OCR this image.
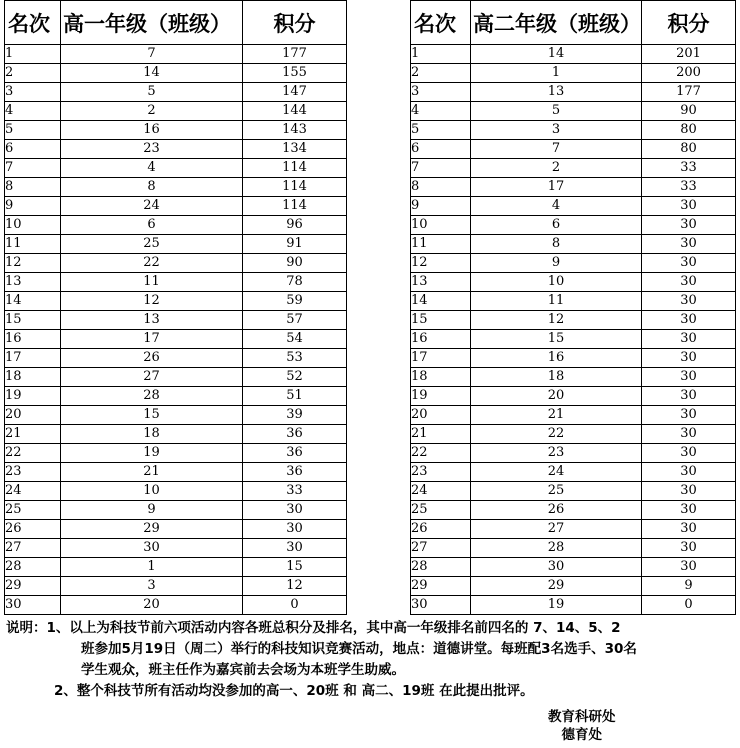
名次	高一年级（班级）	积分
1	7	177
2	14	155
3	5	147
4	2	144
5	16	143
6	23	134
7	4	114
8	8	114
9	24	114
10	6	96
11	25	91
12	22	90
13	11	78
14	12	59
15	13	57
16	17	54
17	26	53
18	27	52
19	28	51
20	15	39
21	18	36
22	19	36
23	21	36
24	10	33
25	9	30
26	29	30
27	30	30
28	1	15
29	3	12
30	20	0
名次	高二年级（班级）	积分
1	14	201
2	1	200
3	13	177
4	5	90
5	3	80
6	7	80
7	2	33
8	17	33
9	4	30
10	6	30
11	8	30
12	9	30
13	10	30
14	11	30
15	12	30
16	15	30
17	16	30
18	18	30
19	20	30
20	21	30
21	22	30
22	23	30
23	24	30
24	25	30
25	26	30
26	27	30
27	28	30
28	30	30
29	29	9
30	19	0
说明：1、以上为科技节前六项活动内容各班总积分及排名，其中高一年级排名前四名的 7、14、5、2
班参加5月19日（周二）举行的科技知识竞赛活动，地点：道德讲堂。每班配3名选手、30名
学生观众，班主任作为嘉宾前去会场为本班学生助威。
2、整个科技节所有活动均没参加的高一、20班 和 高二、19班 在此提出批评。
教育科研处
德育处
